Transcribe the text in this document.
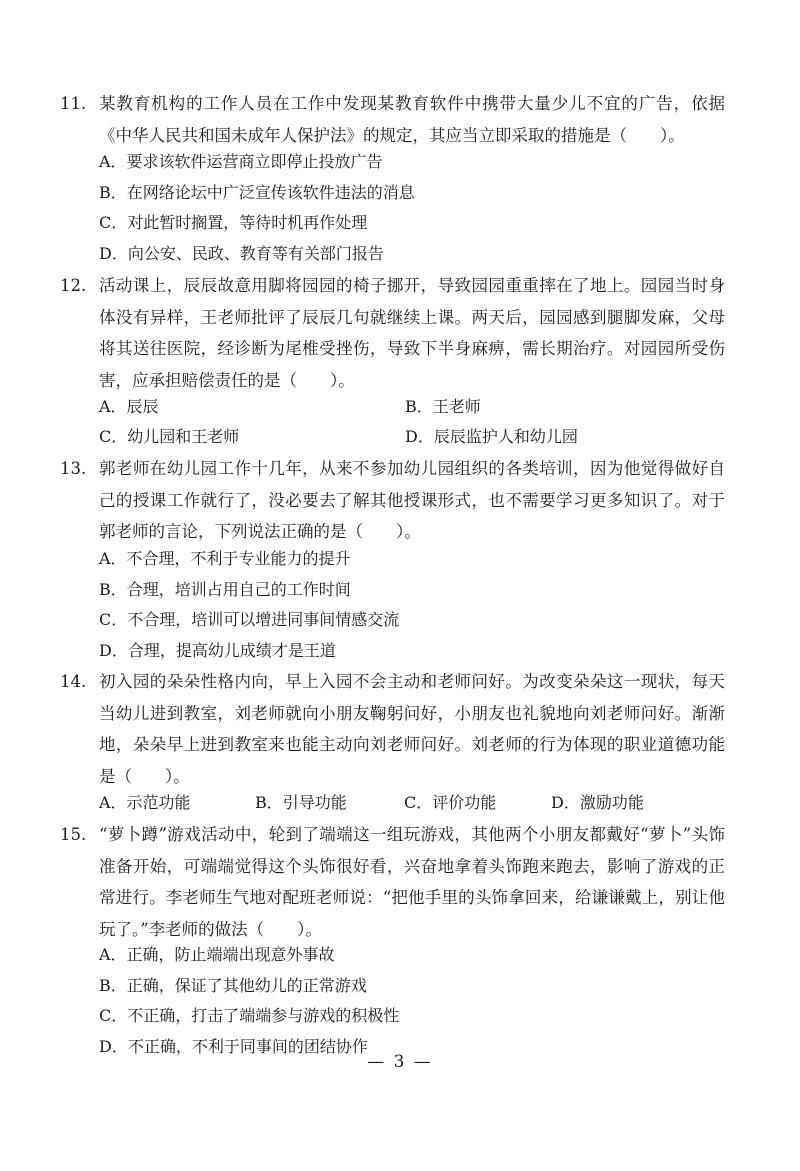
11. 某教育机构的工作人员在工作中发现某教育软件中携带大量少儿不宜的广告，依据《中华人民共和国未成年人保护法》的规定，其应当立即采取的措施是（　　）。
A．要求该软件运营商立即停止投放广告
B．在网络论坛中广泛宣传该软件违法的消息
C．对此暂时搁置，等待时机再作处理
D．向公安、民政、教育等有关部门报告
12. 活动课上，辰辰故意用脚将园园的椅子挪开，导致园园重重摔在了地上。园园当时身体没有异样，王老师批评了辰辰几句就继续上课。两天后，园园感到腿脚发麻，父母将其送往医院，经诊断为尾椎受挫伤，导致下半身麻痹，需长期治疗。对园园所受伤害，应承担赔偿责任的是（　　）。
A．辰辰	B．王老师
C．幼儿园和王老师	D．辰辰监护人和幼儿园
13. 郭老师在幼儿园工作十几年，从来不参加幼儿园组织的各类培训，因为他觉得做好自己的授课工作就行了，没必要去了解其他授课形式，也不需要学习更多知识了。对于郭老师的言论，下列说法正确的是（　　）。
A．不合理，不利于专业能力的提升
B．合理，培训占用自己的工作时间
C．不合理，培训可以增进同事间情感交流
D．合理，提高幼儿成绩才是王道
14. 初入园的朵朵性格内向，早上入园不会主动和老师问好。为改变朵朵这一现状，每天当幼儿进到教室，刘老师就向小朋友鞠躬问好，小朋友也礼貌地向刘老师问好。渐渐地，朵朵早上进到教室来也能主动向刘老师问好。刘老师的行为体现的职业道德功能是（　　）。
A．示范功能	B．引导功能	C．评价功能	D．激励功能
15. “萝卜蹲”游戏活动中，轮到了端端这一组玩游戏，其他两个小朋友都戴好“萝卜”头饰准备开始，可端端觉得这个头饰很好看，兴奋地拿着头饰跑来跑去，影响了游戏的正常进行。李老师生气地对配班老师说：“把他手里的头饰拿回来，给谦谦戴上，别让他玩了。”李老师的做法（　　）。
A．正确，防止端端出现意外事故
B．正确，保证了其他幼儿的正常游戏
C．不正确，打击了端端参与游戏的积极性
D．不正确，不利于同事间的团结协作
— 3 —
